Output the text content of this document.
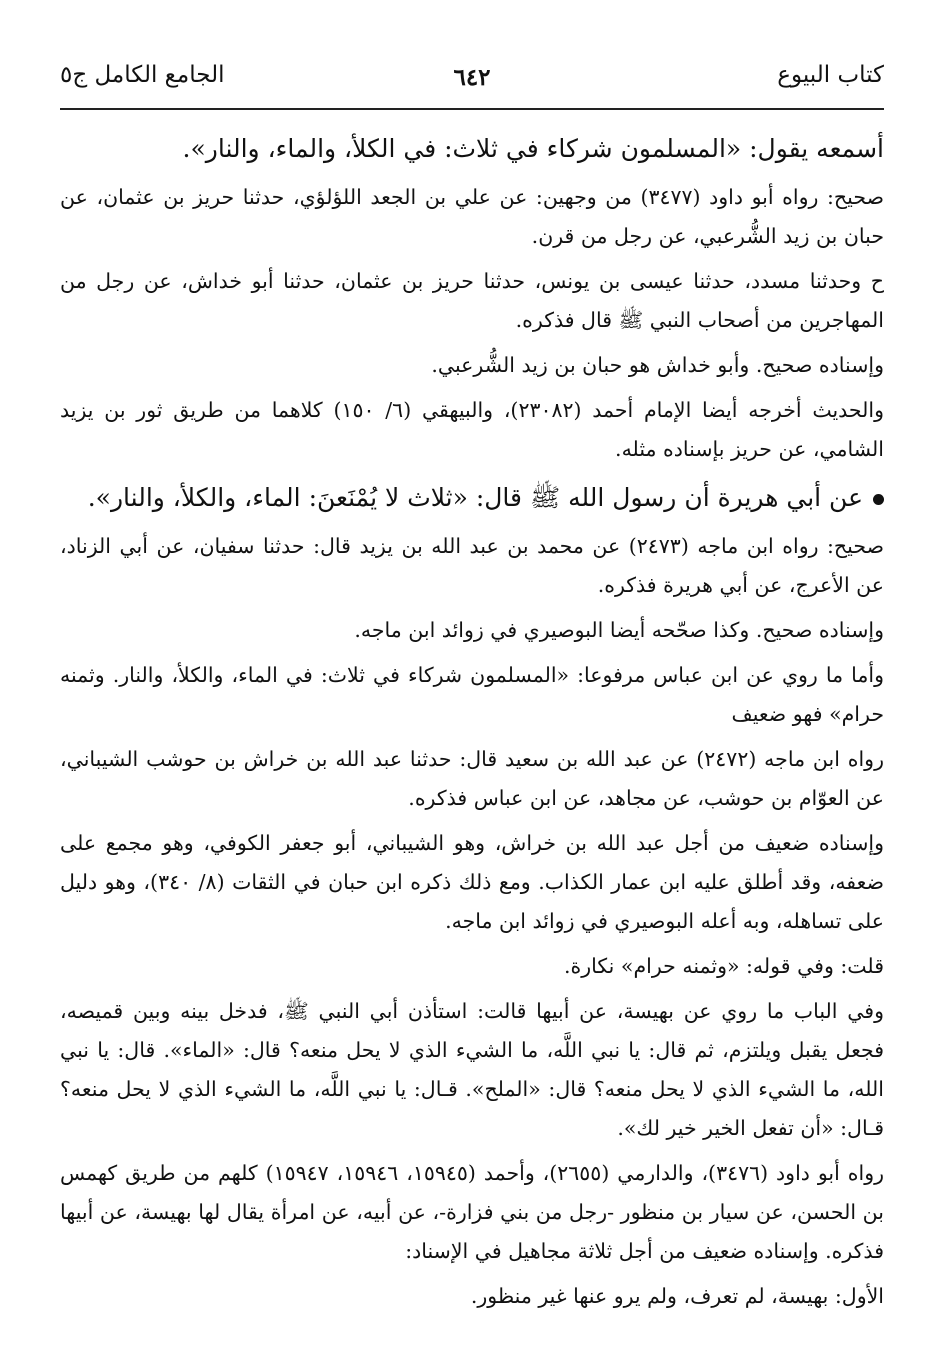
كتاب البيوع
٦٤٢
الجامع الكامل ج٥

أسمعه يقول: «المسلمون شركاء في ثلاث: في الكلأ، والماء، والنار».

صحيح: رواه أبو داود (٣٤٧٧) من وجهين: عن علي بن الجعد اللؤلؤي، حدثنا حريز بن عثمان، عن حبان بن زيد الشُّرعبي، عن رجل من قرن.

ح وحدثنا مسدد، حدثنا عيسى بن يونس، حدثنا حريز بن عثمان، حدثنا أبو خداش، عن رجل من المهاجرين من أصحاب النبي ﷺ قال فذكره.

وإسناده صحيح. وأبو خداش هو حبان بن زيد الشُّرعبي.

والحديث أخرجه أيضا الإمام أحمد (٢٣٠٨٢)، والبيهقي (٦/ ١٥٠) كلاهما من طريق ثور بن يزيد الشامي، عن حريز بإسناده مثله.

عن أبي هريرة أن رسول الله ﷺ قال: «ثلاث لا يُمْنَعنَ: الماء، والكلأ، والنار».

صحيح: رواه ابن ماجه (٢٤٧٣) عن محمد بن عبد الله بن يزيد قال: حدثنا سفيان، عن أبي الزناد، عن الأعرج، عن أبي هريرة فذكره.

وإسناده صحيح. وكذا صحّحه أيضا البوصيري في زوائد ابن ماجه.

وأما ما روي عن ابن عباس مرفوعا: «المسلمون شركاء في ثلاث: في الماء، والكلأ، والنار. وثمنه حرام» فهو ضعيف

رواه ابن ماجه (٢٤٧٢) عن عبد الله بن سعيد قال: حدثنا عبد الله بن خراش بن حوشب الشيباني، عن العوّام بن حوشب، عن مجاهد، عن ابن عباس فذكره.

وإسناده ضعيف من أجل عبد الله بن خراش، وهو الشيباني، أبو جعفر الكوفي، وهو مجمع على ضعفه، وقد أطلق عليه ابن عمار الكذاب. ومع ذلك ذكره ابن حبان في الثقات (٨/ ٣٤٠)، وهو دليل على تساهله، وبه أعله البوصيري في زوائد ابن ماجه.

قلت: وفي قوله: «وثمنه حرام» نكارة.

وفي الباب ما روي عن بهيسة، عن أبيها قالت: استأذن أبي النبي ﷺ، فدخل بينه وبين قميصه، فجعل يقبل ويلتزم، ثم قال: يا نبي اللَّه، ما الشيء الذي لا يحل منعه؟ قال: «الماء». قال: يا نبي الله، ما الشيء الذي لا يحل منعه؟ قال: «الملح». قـال: يا نبي اللَّه، ما الشيء الذي لا يحل منعه؟ قـال: «أن تفعل الخير خير لك».

رواه أبو داود (٣٤٧٦)، والدارمي (٢٦٥٥)، وأحمد (١٥٩٤٥، ١٥٩٤٦، ١٥٩٤٧) كلهم من طريق كهمس بن الحسن، عن سيار بن منظور -رجل من بني فزارة-، عن أبيه، عن امرأة يقال لها بهيسة، عن أبيها فذكره. وإسناده ضعيف من أجل ثلاثة مجاهيل في الإسناد:

الأول: بهيسة، لم تعرف، ولم يرو عنها غير منظور.
